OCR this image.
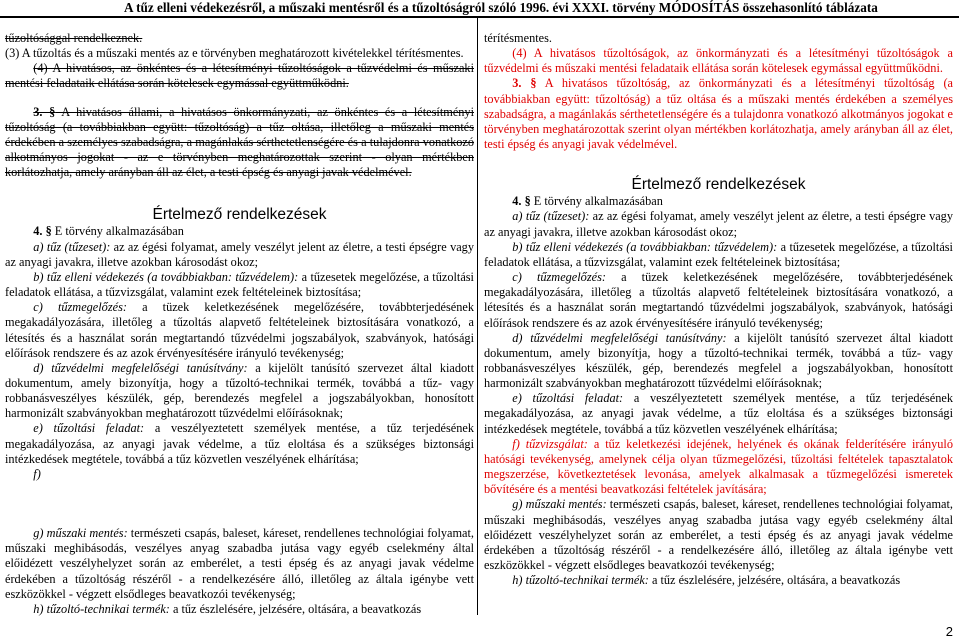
A tűz elleni védekezésről, a műszaki mentésről és a tűzoltóságról szóló 1996. évi XXXI. törvény MÓDOSÍTÁS összehasonlító táblázata

tűzoltósággal rendelkeznek.

(3) A tűzoltás és a műszaki mentés az e törvényben meghatározott kivételekkel térítésmentes.

(4) A hivatásos, az önkéntes és a létesítményi tűzoltóságok a tűzvédelmi és műszaki mentési feladataik ellátása során kötelesek egymással együttműködni.

3. § A hivatásos állami, a hivatásos önkormányzati, az önkéntes és a létesítményi tűzoltóság (a továbbiakban együtt: tűzoltóság) a tűz oltása, illetőleg a műszaki mentés érdekében a személyes szabadságra, a magánlakás sérthetetlenségére és a tulajdonra vonatkozó alkotmányos jogokat - az e törvényben meghatározottak szerint - olyan mértékben korlátozhatja, amely arányban áll az élet, a testi épség és anyagi javak védelmével.

Értelmező rendelkezések

4. § E törvény alkalmazásában

a) tűz (tűzeset): az az égési folyamat, amely veszélyt jelent az életre, a testi épségre vagy az anyagi javakra, illetve azokban károsodást okoz;

b) tűz elleni védekezés (a továbbiakban: tűzvédelem): a tűzesetek megelőzése, a tűzoltási feladatok ellátása, a tűzvizsgálat, valamint ezek feltételeinek biztosítása;

c) tűzmegelőzés: a tüzek keletkezésének megelőzésére, továbbterjedésének megakadályozására, illetőleg a tűzoltás alapvető feltételeinek biztosítására vonatkozó, a létesítés és a használat során megtartandó tűzvédelmi jogszabályok, szabványok, hatósági előírások rendszere és az azok érvényesítésére irányuló tevékenység;

d) tűzvédelmi megfelelőségi tanúsítvány: a kijelölt tanúsító szervezet által kiadott dokumentum, amely bizonyítja, hogy a tűzoltó-technikai termék, továbbá a tűz- vagy robbanásveszélyes készülék, gép, berendezés megfelel a jogszabályokban, honosított harmonizált szabványokban meghatározott tűzvédelmi előírásoknak;

e) tűzoltási feladat: a veszélyeztetett személyek mentése, a tűz terjedésének megakadályozása, az anyagi javak védelme, a tűz eloltása és a szükséges biztonsági intézkedések megtétele, továbbá a tűz közvetlen veszélyének elhárítása;

f)

g) műszaki mentés: természeti csapás, baleset, káreset, rendellenes technológiai folyamat, műszaki meghibásodás, veszélyes anyag szabadba jutása vagy egyéb cselekmény által előidézett veszélyhelyzet során az emberélet, a testi épség és az anyagi javak védelme érdekében a tűzoltóság részéről - a rendelkezésére álló, illetőleg az általa igénybe vett eszközökkel - végzett elsődleges beavatkozói tevékenység;

h) tűzoltó-technikai termék: a tűz észlelésére, jelzésére, oltására, a beavatkozás

térítésmentes.

(4) A hivatásos tűzoltóságok, az önkormányzati és a létesítményi tűzoltóságok a tűzvédelmi és műszaki mentési feladataik ellátása során kötelesek egymással együttműködni.

3. § A hivatásos tűzoltóság, az önkormányzati és a létesítményi tűzoltóság (a továbbiakban együtt: tűzoltóság) a tűz oltása és a műszaki mentés érdekében a személyes szabadságra, a magánlakás sérthetetlenségére és a tulajdonra vonatkozó alkotmányos jogokat e törvényben meghatározottak szerint olyan mértékben korlátozhatja, amely arányban áll az élet, testi épség és anyagi javak védelmével.

Értelmező rendelkezések

4. § E törvény alkalmazásában

a) tűz (tűzeset): az az égési folyamat, amely veszélyt jelent az életre, a testi épségre vagy az anyagi javakra, illetve azokban károsodást okoz;

b) tűz elleni védekezés (a továbbiakban: tűzvédelem): a tűzesetek megelőzése, a tűzoltási feladatok ellátása, a tűzvizsgálat, valamint ezek feltételeinek biztosítása;

c) tűzmegelőzés: a tüzek keletkezésének megelőzésére, továbbterjedésének megakadályozására, illetőleg a tűzoltás alapvető feltételeinek biztosítására vonatkozó, a létesítés és a használat során megtartandó tűzvédelmi jogszabályok, szabványok, hatósági előírások rendszere és az azok érvényesítésére irányuló tevékenység;

d) tűzvédelmi megfelelőségi tanúsítvány: a kijelölt tanúsító szervezet által kiadott dokumentum, amely bizonyítja, hogy a tűzoltó-technikai termék, továbbá a tűz- vagy robbanásveszélyes készülék, gép, berendezés megfelel a jogszabályokban, honosított harmonizált szabványokban meghatározott tűzvédelmi előírásoknak;

e) tűzoltási feladat: a veszélyeztetett személyek mentése, a tűz terjedésének megakadályozása, az anyagi javak védelme, a tűz eloltása és a szükséges biztonsági intézkedések megtétele, továbbá a tűz közvetlen veszélyének elhárítása;

f) tűzvizsgálat: a tűz keletkezési idejének, helyének és okának felderítésére irányuló hatósági tevékenység, amelynek célja olyan tűzmegelőzési, tűzoltási feltételek tapasztalatok megszerzése, következtetések levonása, amelyek alkalmasak a tűzmegelőzési ismeretek bővítésére és a mentési beavatkozási feltételek javítására;

g) műszaki mentés: természeti csapás, baleset, káreset, rendellenes technológiai folyamat, műszaki meghibásodás, veszélyes anyag szabadba jutása vagy egyéb cselekmény által előidézett veszélyhelyzet során az emberélet, a testi épség és az anyagi javak védelme érdekében a tűzoltóság részéről - a rendelkezésére álló, illetőleg az általa igénybe vett eszközökkel - végzett elsődleges beavatkozói tevékenység;

h) tűzoltó-technikai termék: a tűz észlelésére, jelzésére, oltására, a beavatkozás

2
